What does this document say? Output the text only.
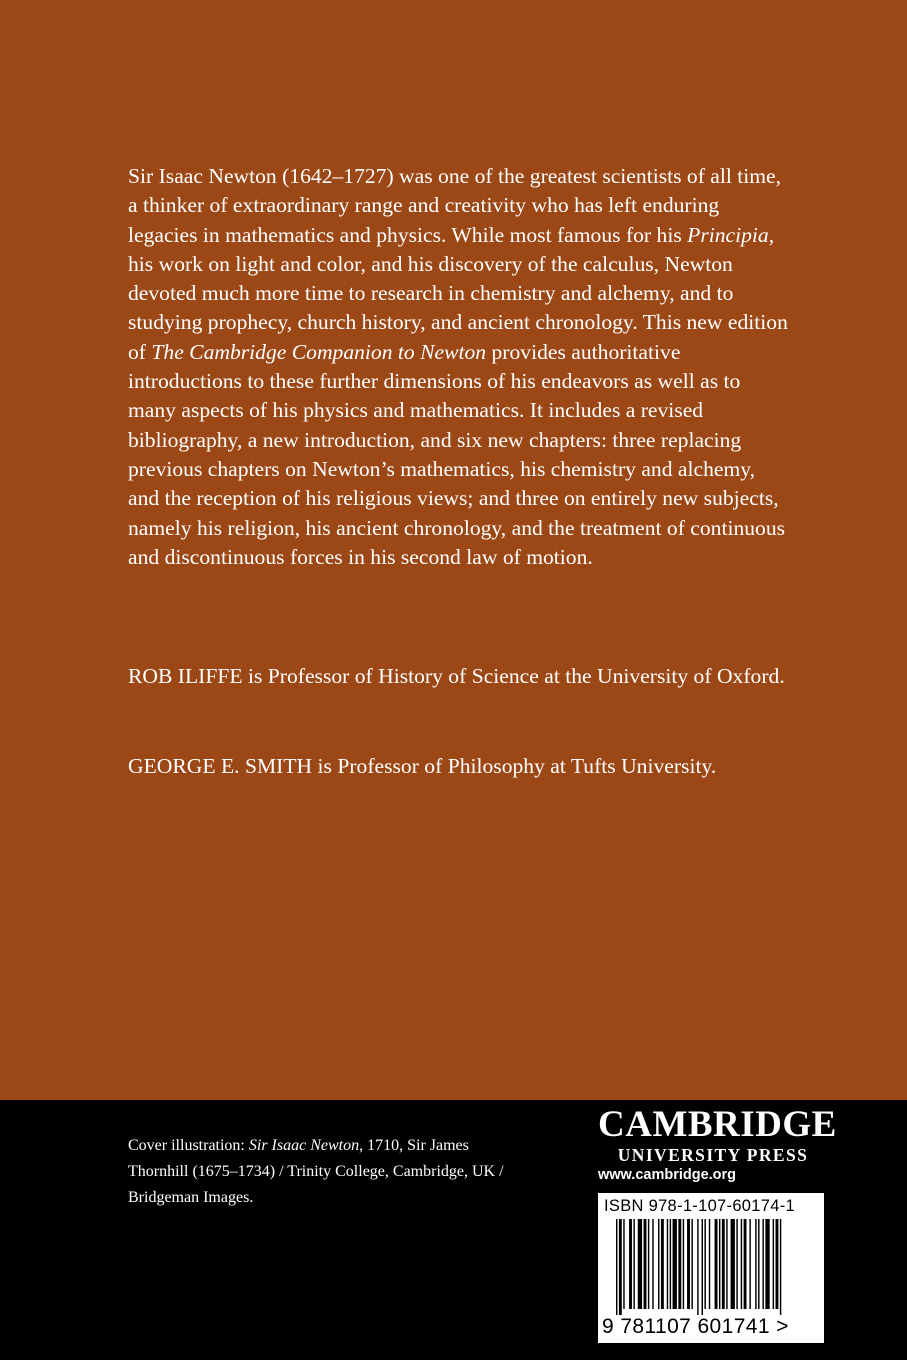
Sir Isaac Newton (1642–1727) was one of the greatest scientists of all time, a thinker of extraordinary range and creativity who has left enduring legacies in mathematics and physics. While most famous for his Principia, his work on light and color, and his discovery of the calculus, Newton devoted much more time to research in chemistry and alchemy, and to studying prophecy, church history, and ancient chronology. This new edition of The Cambridge Companion to Newton provides authoritative introductions to these further dimensions of his endeavors as well as to many aspects of his physics and mathematics. It includes a revised bibliography, a new introduction, and six new chapters: three replacing previous chapters on Newton’s mathematics, his chemistry and alchemy, and the reception of his religious views; and three on entirely new subjects, namely his religion, his ancient chronology, and the treatment of continuous and discontinuous forces in his second law of motion.

ROB ILIFFE is Professor of History of Science at the University of Oxford.

GEORGE E. SMITH is Professor of Philosophy at Tufts University.

Cover illustration: Sir Isaac Newton, 1710, Sir James Thornhill (1675–1734) / Trinity College, Cambridge, UK / Bridgeman Images.

CAMBRIDGE
UNIVERSITY PRESS
www.cambridge.org
ISBN 978-1-107-60174-1
9 781107 601741 >
